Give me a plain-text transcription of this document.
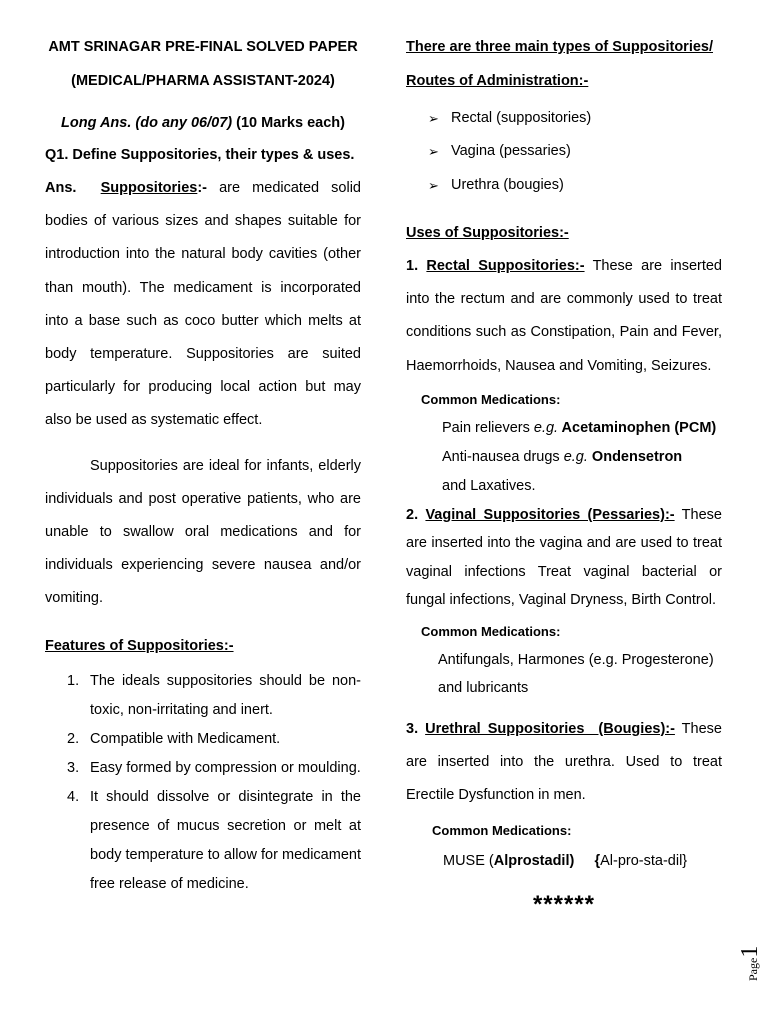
AMT SRINAGAR PRE-FINAL SOLVED PAPER
(MEDICAL/PHARMA ASSISTANT-2024)
Long Ans. (do any 06/07) (10 Marks each)
Q1. Define Suppositories, their types & uses.

Ans. Suppositories:- are medicated solid bodies of various sizes and shapes suitable for introduction into the natural body cavities (other than mouth). The medicament is incorporated into a base such as coco butter which melts at body temperature. Suppositories are suited particularly for producing local action but may also be used as systematic effect.

Suppositories are ideal for infants, elderly individuals and post operative patients, who are unable to swallow oral medications and for individuals experiencing severe nausea and/or vomiting.

Features of Suppositories:-
1. The ideals suppositories should be non-toxic, non-irritating and inert.
2. Compatible with Medicament.
3. Easy formed by compression or moulding.
4. It should dissolve or disintegrate in the presence of mucus secretion or melt at body temperature to allow for medicament free release of medicine.
There are three main types of Suppositories/
Routes of Administration:-
➢ Rectal (suppositories)
➢ Vagina (pessaries)
➢ Urethra (bougies)
Uses of Suppositories:-

1. Rectal Suppositories:- These are inserted into the rectum and are commonly used to treat conditions such as Constipation, Pain and Fever, Haemorrhoids, Nausea and Vomiting, Seizures.

Common Medications:
Pain relievers e.g. Acetaminophen (PCM)
Anti-nausea drugs e.g. Ondensetron
and Laxatives.

2. Vaginal Suppositories (Pessaries):- These are inserted into the vagina and are used to treat vaginal infections Treat vaginal bacterial or fungal infections, Vaginal Dryness, Birth Control.

Common Medications:
Antifungals, Harmones (e.g. Progesterone)
and lubricants

3. Urethral Suppositories  (Bougies):- These are inserted into the urethra. Used to treat Erectile Dysfunction in men.

Common Medications:
MUSE (Alprostadil)     {Al-pro-sta-dil}
******
Page1
